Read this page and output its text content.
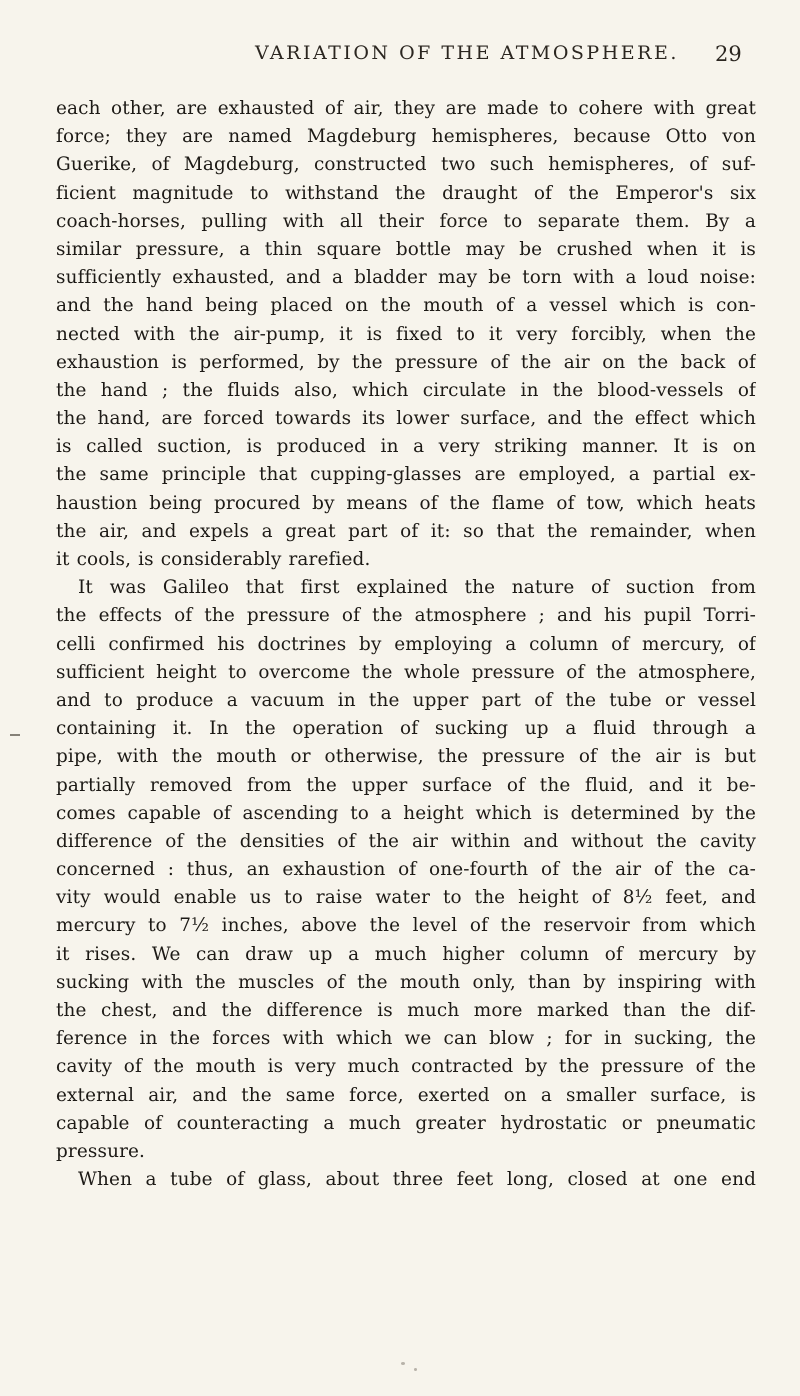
VARIATION OF THE ATMOSPHERE. 29
each other, are exhausted of air, they are made to cohere with great
force; they are named Magdeburg hemispheres, because Otto von
Guerike, of Magdeburg, constructed two such hemispheres, of suf-
ficient magnitude to withstand the draught of the Emperor's six
coach-horses, pulling with all their force to separate them. By a
similar pressure, a thin square bottle may be crushed when it is
sufficiently exhausted, and a bladder may be torn with a loud noise:
and the hand being placed on the mouth of a vessel which is con-
nected with the air-pump, it is fixed to it very forcibly, when the
exhaustion is performed, by the pressure of the air on the back of
the hand ; the fluids also, which circulate in the blood-vessels of
the hand, are forced towards its lower surface, and the effect which
is called suction, is produced in a very striking manner. It is on
the same principle that cupping-glasses are employed, a partial ex-
haustion being procured by means of the flame of tow, which heats
the air, and expels a great part of it: so that the remainder, when
it cools, is considerably rarefied.
It was Galileo that first explained the nature of suction from
the effects of the pressure of the atmosphere ; and his pupil Torri-
celli confirmed his doctrines by employing a column of mercury, of
sufficient height to overcome the whole pressure of the atmosphere,
and to produce a vacuum in the upper part of the tube or vessel
containing it. In the operation of sucking up a fluid through a
pipe, with the mouth or otherwise, the pressure of the air is but
partially removed from the upper surface of the fluid, and it be-
comes capable of ascending to a height which is determined by the
difference of the densities of the air within and without the cavity
concerned : thus, an exhaustion of one-fourth of the air of the ca-
vity would enable us to raise water to the height of 8½ feet, and
mercury to 7½ inches, above the level of the reservoir from which
it rises. We can draw up a much higher column of mercury by
sucking with the muscles of the mouth only, than by inspiring with
the chest, and the difference is much more marked than the dif-
ference in the forces with which we can blow ; for in sucking, the
cavity of the mouth is very much contracted by the pressure of the
external air, and the same force, exerted on a smaller surface, is
capable of counteracting a much greater hydrostatic or pneumatic
pressure.
When a tube of glass, about three feet long, closed at one end
